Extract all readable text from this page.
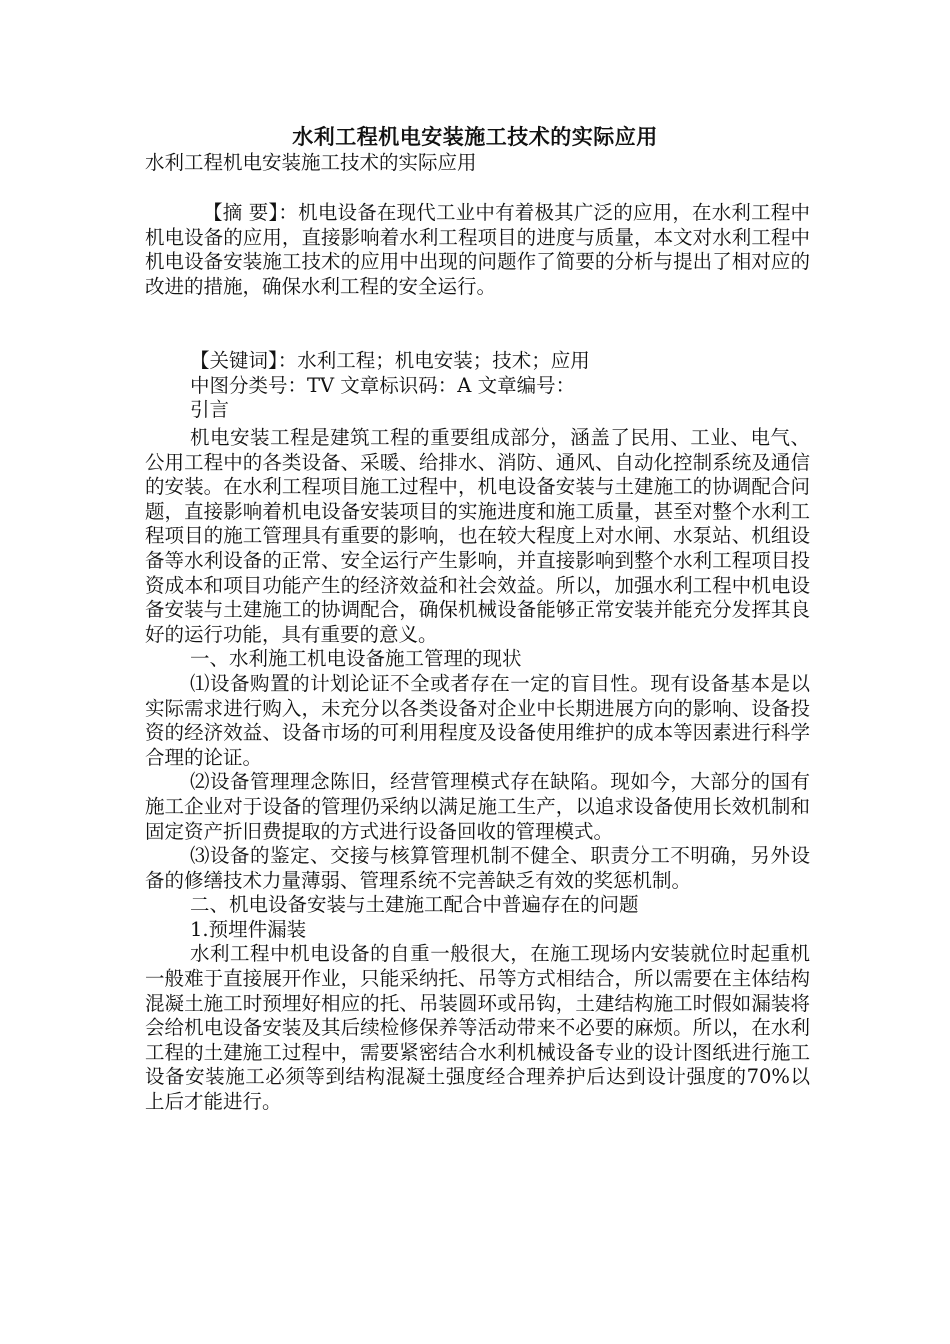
水利工程机电安装施工技术的实际应用
水利工程机电安装施工技术的实际应用
【摘 要】：机电设备在现代工业中有着极其广泛的应用，在水利工程中机电设备的应用，直接影响着水利工程项目的进度与质量，本文对水利工程中机电设备安装施工技术的应用中出现的问题作了简要的分析与提出了相对应的改进的措施，确保水利工程的安全运行。

【关键词】：水利工程；机电安装；技术；应用

中图分类号：TV 文章标识码：A 文章编号：

引言

机电安装工程是建筑工程的重要组成部分，涵盖了民用、工业、电气、公用工程中的各类设备、采暖、给排水、消防、通风、自动化控制系统及通信的安装。在水利工程项目施工过程中，机电设备安装与土建施工的协调配合问题，直接影响着机电设备安装项目的实施进度和施工质量，甚至对整个水利工程项目的施工管理具有重要的影响，也在较大程度上对水闸、水泵站、机组设备等水利设备的正常、安全运行产生影响，并直接影响到整个水利工程项目投资成本和项目功能产生的经济效益和社会效益。所以，加强水利工程中机电设备安装与土建施工的协调配合，确保机械设备能够正常安装并能充分发挥其良好的运行功能，具有重要的意义。

一、水利施工机电设备施工管理的现状

⑴设备购置的计划论证不全或者存在一定的盲目性。现有设备基本是以实际需求进行购入，未充分以各类设备对企业中长期进展方向的影响、设备投资的经济效益、设备市场的可利用程度及设备使用维护的成本等因素进行科学合理的论证。

⑵设备管理理念陈旧，经营管理模式存在缺陷。现如今，大部分的国有施工企业对于设备的管理仍采纳以满足施工生产，以追求设备使用长效机制和固定资产折旧费提取的方式进行设备回收的管理模式。

⑶设备的鉴定、交接与核算管理机制不健全、职责分工不明确，另外设备的修缮技术力量薄弱、管理系统不完善缺乏有效的奖惩机制。

二、机电设备安装与土建施工配合中普遍存在的问题

1.预埋件漏装

水利工程中机电设备的自重一般很大，在施工现场内安装就位时起重机一般难于直接展开作业，只能采纳托、吊等方式相结合，所以需要在主体结构混凝土施工时预埋好相应的托、吊装圆环或吊钩，土建结构施工时假如漏装将会给机电设备安装及其后续检修保养等活动带来不必要的麻烦。所以，在水利工程的土建施工过程中，需要紧密结合水利机械设备专业的设计图纸进行施工设备安装施工必须等到结构混凝土强度经合理养护后达到设计强度的70%以上后才能进行。
